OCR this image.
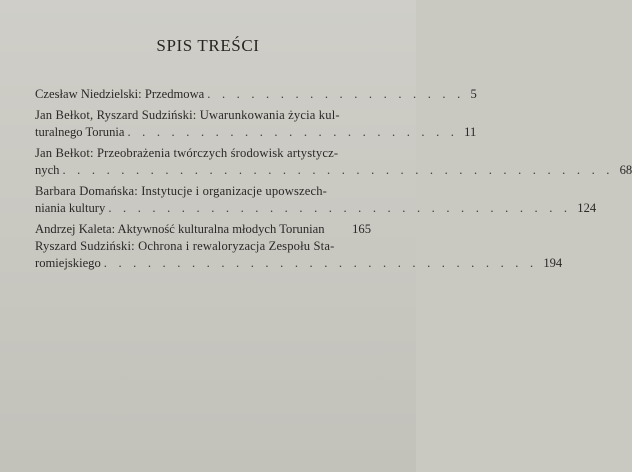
SPIS TREŚCI
Czesław Niedzielski: Przedmowa . . . . . . . . . . . . . . . . . . 5
Jan Bełkot, Ryszard Sudziński: Uwarunkowania życia kul-
turalnego Torunia . . . . . . . . . . . . . . . . . . . . . . . 11
Jan Bełkot: Przeobrażenia twórczych środowisk artystycz-
nych . . . . . . . . . . . . . . . . . . . . . . . . . . . . . . . . . . . . . . 68
Barbara Domańska: Instytucje i organizacje upowszech-
niania kultury . . . . . . . . . . . . . . . . . . . . . . . . . . . . . . . . 124
Andrzej Kaleta: Aktywność kulturalna młodych Torunian 165
Ryszard Sudziński: Ochrona i rewaloryzacja Zespołu Sta-
romiejskiego . . . . . . . . . . . . . . . . . . . . . . . . . . . . . . 194
